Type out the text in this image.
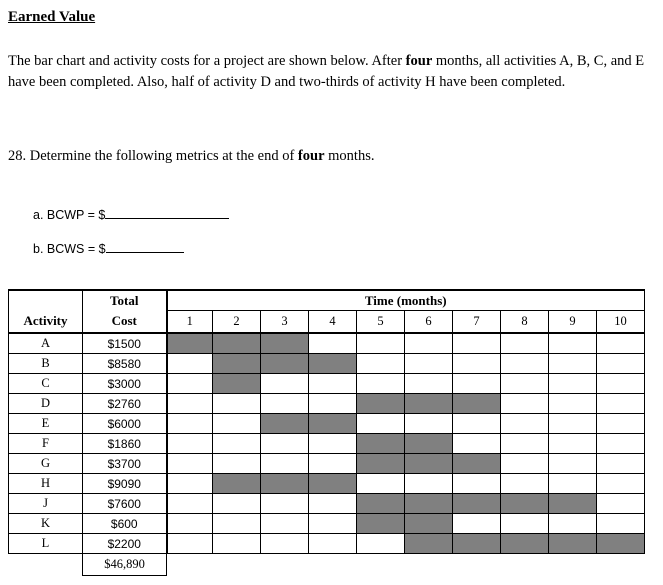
Earned Value
The bar chart and activity costs for a project are shown below. After four months, all activities A, B, C, and E have been completed. Also, half of activity D and two-thirds of activity H have been completed.
28. Determine the following metrics at the end of four months.
a. BCWP = $
b. BCWS = $
	Total	Time (months)									
Activity	Cost	1	2	3	4	5	6	7	8	9	10
A	$1500										
B	$8580										
C	$3000										
D	$2760										
E	$6000										
F	$1860										
G	$3700										
H	$9090										
J	$7600										
K	$600										
L	$2200										
	$46,890										
